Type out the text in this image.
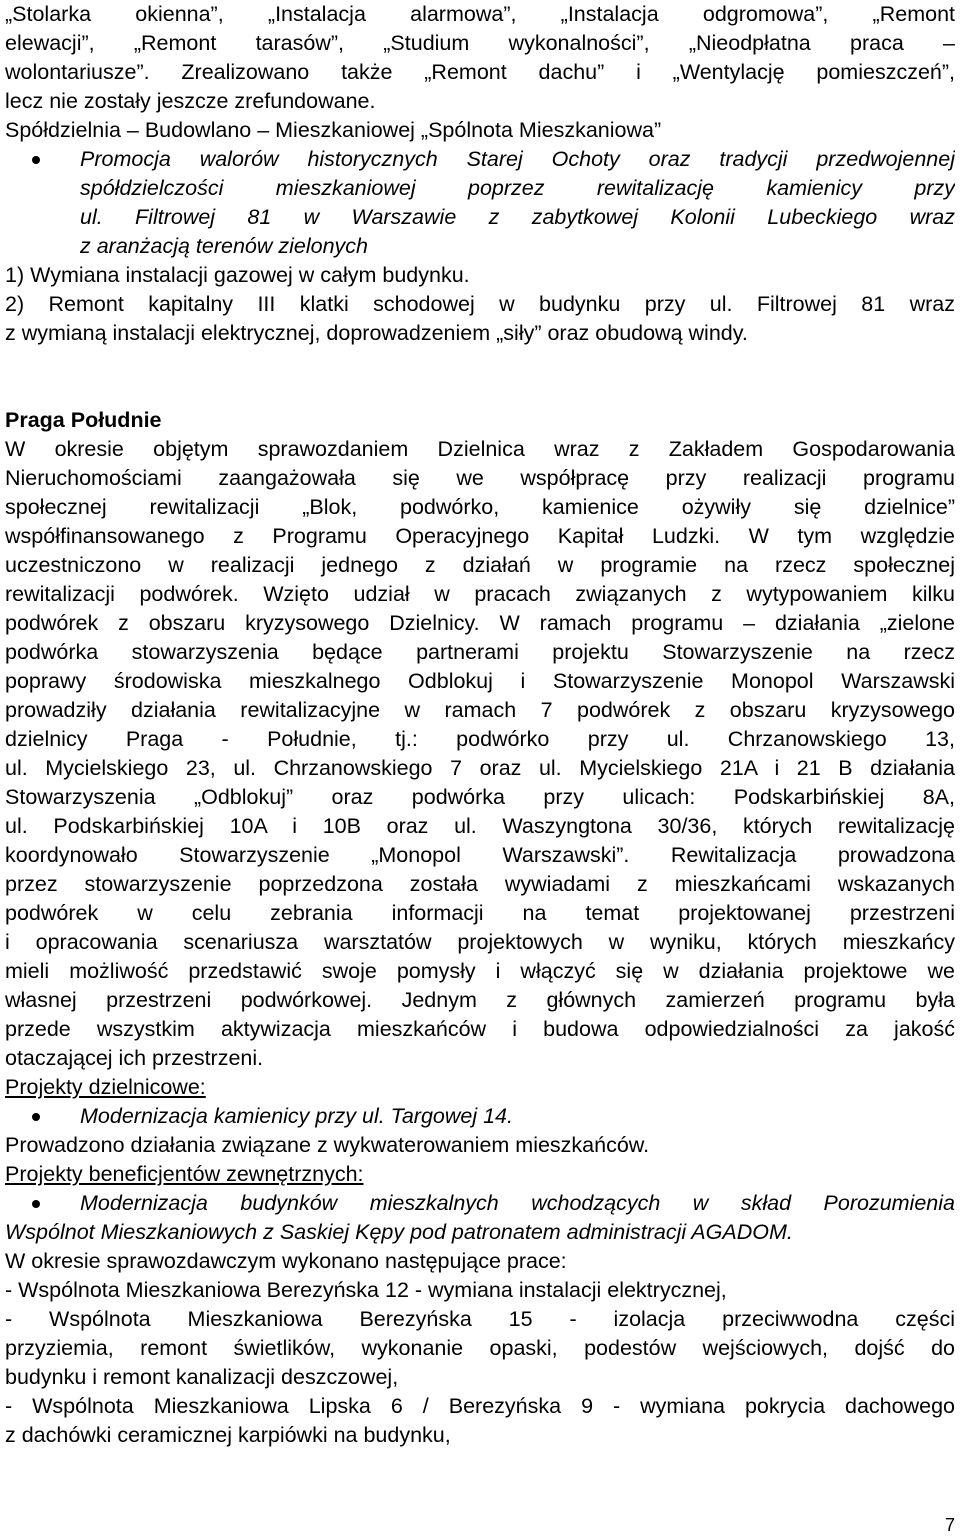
„Stolarka okienna”, „Instalacja alarmowa”, „Instalacja odgromowa”, „Remont
elewacji”, „Remont tarasów”, „Studium wykonalności”, „Nieodpłatna praca –
wolontariusze”. Zrealizowano także „Remont dachu” i „Wentylację pomieszczeń”,
lecz nie zostały jeszcze zrefundowane.
Spółdzielnia – Budowlano – Mieszkaniowej „Spólnota Mieszkaniowa”
Promocja walorów historycznych Starej Ochoty oraz tradycji przedwojennej
spółdzielczości mieszkaniowej poprzez rewitalizację kamienicy przy
ul. Filtrowej 81 w Warszawie z zabytkowej Kolonii Lubeckiego wraz
z aranżacją terenów zielonych
1) Wymiana instalacji gazowej w całym budynku.
2) Remont kapitalny III klatki schodowej w budynku przy ul. Filtrowej 81 wraz
z wymianą instalacji elektrycznej, doprowadzeniem „siły” oraz obudową windy.
Praga Południe
W okresie objętym sprawozdaniem Dzielnica wraz z Zakładem Gospodarowania
Nieruchomościami zaangażowała się we współpracę przy realizacji programu
społecznej rewitalizacji „Blok, podwórko, kamienice ożywiły się dzielnice”
współfinansowanego z Programu Operacyjnego Kapitał Ludzki. W tym względzie
uczestniczono w realizacji jednego z działań w programie na rzecz społecznej
rewitalizacji podwórek. Wzięto udział w pracach związanych z wytypowaniem kilku
podwórek z obszaru kryzysowego Dzielnicy. W ramach programu – działania „zielone
podwórka stowarzyszenia będące partnerami projektu Stowarzyszenie na rzecz
poprawy środowiska mieszkalnego Odblokuj i Stowarzyszenie Monopol Warszawski
prowadziły działania rewitalizacyjne w ramach 7 podwórek z obszaru kryzysowego
dzielnicy Praga - Południe, tj.: podwórko przy ul. Chrzanowskiego 13,
ul. Mycielskiego 23, ul. Chrzanowskiego 7 oraz ul. Mycielskiego 21A i 21 B działania
Stowarzyszenia „Odblokuj” oraz podwórka przy ulicach: Podskarbińskiej 8A,
ul. Podskarbińskiej 10A i 10B oraz ul. Waszyngtona 30/36, których rewitalizację
koordynowało Stowarzyszenie „Monopol Warszawski”. Rewitalizacja prowadzona
przez stowarzyszenie poprzedzona została wywiadami z mieszkańcami wskazanych
podwórek w celu zebrania informacji na temat projektowanej przestrzeni
i opracowania scenariusza warsztatów projektowych w wyniku, których mieszkańcy
mieli możliwość przedstawić swoje pomysły i włączyć się w działania projektowe we
własnej przestrzeni podwórkowej. Jednym z głównych zamierzeń programu była
przede wszystkim aktywizacja mieszkańców i budowa odpowiedzialności za jakość
otaczającej ich przestrzeni.
Projekty dzielnicowe:
Modernizacja kamienicy przy ul. Targowej 14.
Prowadzono działania związane z wykwaterowaniem mieszkańców.
Projekty beneficjentów zewnętrznych:
Modernizacja budynków mieszkalnych wchodzących w skład Porozumienia
Wspólnot Mieszkaniowych z Saskiej Kępy pod patronatem administracji AGADOM.
W okresie sprawozdawczym wykonano następujące prace:
- Wspólnota Mieszkaniowa Berezyńska 12 - wymiana instalacji elektrycznej,
- Wspólnota Mieszkaniowa Berezyńska 15 - izolacja przeciwwodna części
przyziemia, remont świetlików, wykonanie opaski, podestów wejściowych, dojść do
budynku i remont kanalizacji deszczowej,
- Wspólnota Mieszkaniowa Lipska 6 / Berezyńska 9 - wymiana pokrycia dachowego
z dachówki ceramicznej karpiówki na budynku,
7
